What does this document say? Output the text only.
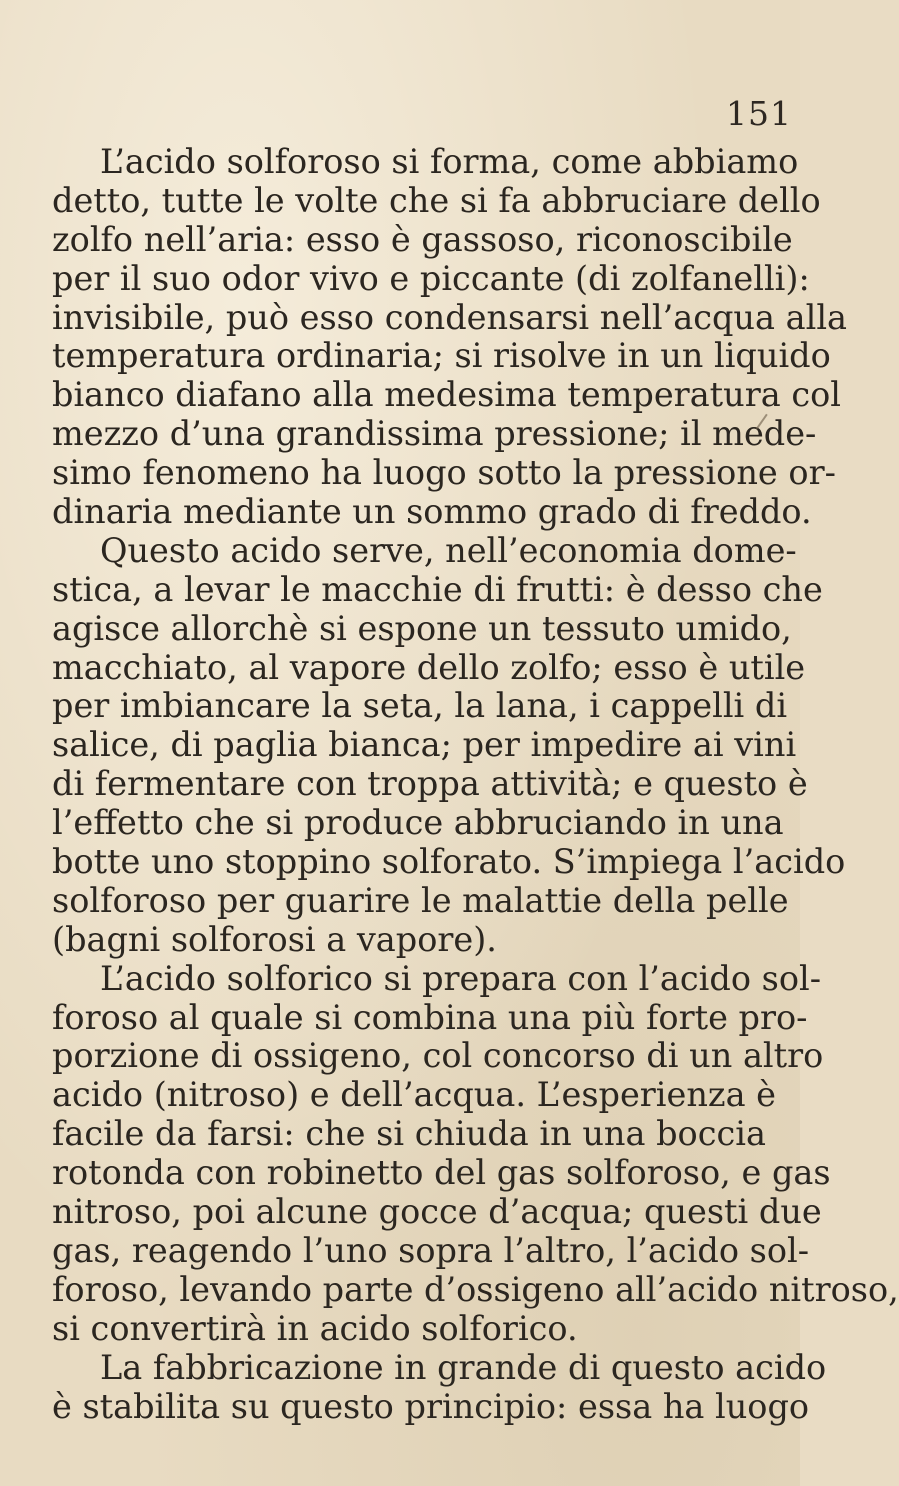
151
L’acido solforoso si forma, come abbiamo
detto, tutte le volte che si fa abbruciare dello
zolfo nell’aria: esso è gassoso, riconoscibile
per il suo odor vivo e piccante (di zolfanelli):
invisibile, può esso condensarsi nell’acqua alla
temperatura ordinaria; si risolve in un liquido
bianco diafano alla medesima temperatura col
mezzo d’una grandissima pressione; il mede-
simo fenomeno ha luogo sotto la pressione or-
dinaria mediante un sommo grado di freddo.
Questo acido serve, nell’economia dome-
stica, a levar le macchie di frutti: è desso che
agisce allorchè si espone un tessuto umido,
macchiato, al vapore dello zolfo; esso è utile
per imbiancare la seta, la lana, i cappelli di
salice, di paglia bianca; per impedire ai vini
di fermentare con troppa attività; e questo è
l’effetto che si produce abbruciando in una
botte uno stoppino solforato. S’impiega l’acido
solforoso per guarire le malattie della pelle
(bagni solforosi a vapore).
L’acido solforico si prepara con l’acido sol-
foroso al quale si combina una più forte pro-
porzione di ossigeno, col concorso di un altro
acido (nitroso) e dell’acqua. L’esperienza è
facile da farsi: che si chiuda in una boccia
rotonda con robinetto del gas solforoso, e gas
nitroso, poi alcune gocce d’acqua; questi due
gas, reagendo l’uno sopra l’altro, l’acido sol-
foroso, levando parte d’ossigeno all’acido nitroso,
si convertirà in acido solforico.
La fabbricazione in grande di questo acido
è stabilita su questo principio: essa ha luogo
